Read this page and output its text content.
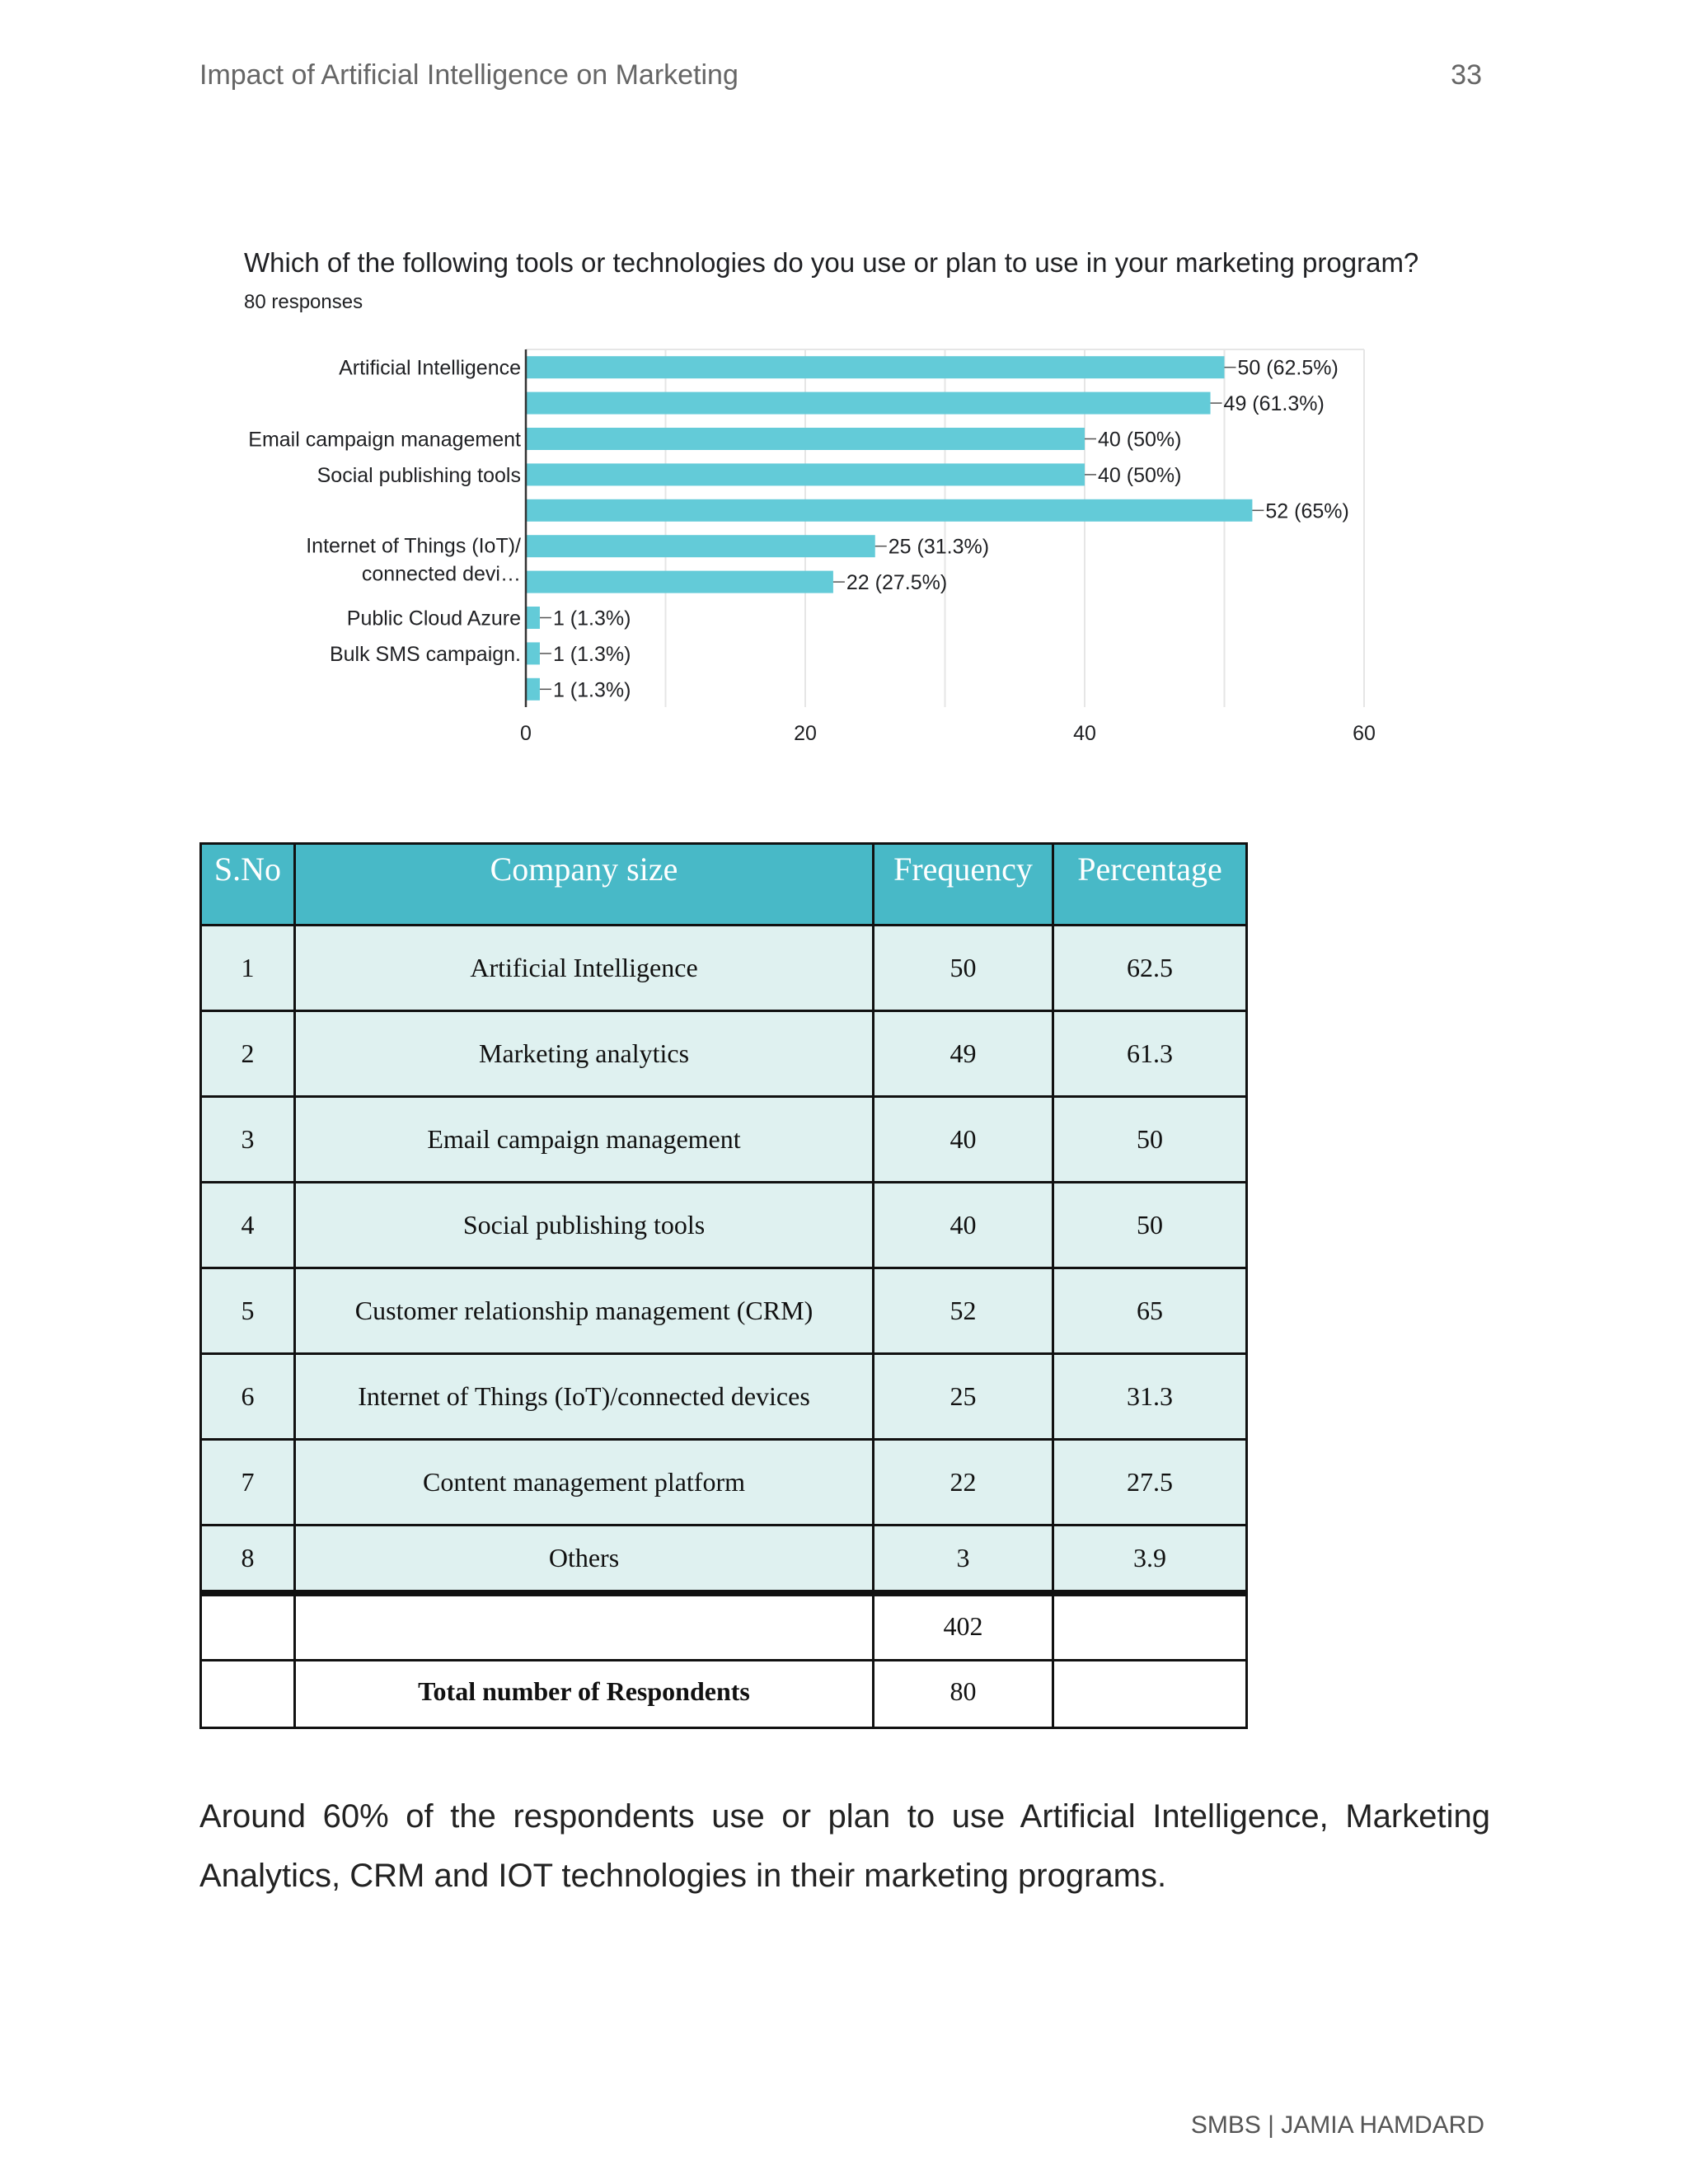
Impact of Artificial Intelligence on Marketing	33
Which of the following tools or technologies do you use or plan to use in your marketing program?
80 responses
50 (62.5%)
Artificial Intelligence
49 (61.3%)
40 (50%)
Email campaign management
40 (50%)
Social publishing tools
52 (65%)
25 (31.3%)
Internet of Things (IoT)/
connected devi…	22 (27.5%)
1 (1.3%)
Public Cloud Azure
1 (1.3%)
Bulk SMS campaign.
1 (1.3%)
0	20	40	60
S.No	Company size	Frequency	Percentage
1	Artificial Intelligence	50	62.5
2	Marketing analytics	49	61.3
3	Email campaign management	40	50
4	Social publishing tools	40	50
5	Customer relationship management (CRM)	52	65
6	Internet of Things (IoT)/connected devices	25	31.3
7	Content management platform	22	27.5
8	Others	3	3.9
		402	
	Total number of Respondents	80	
Around 60% of the respondents use or plan to use Artificial Intelligence, Marketing Analytics, CRM and IOT technologies in their marketing programs.
SMBS | JAMIA HAMDARD
